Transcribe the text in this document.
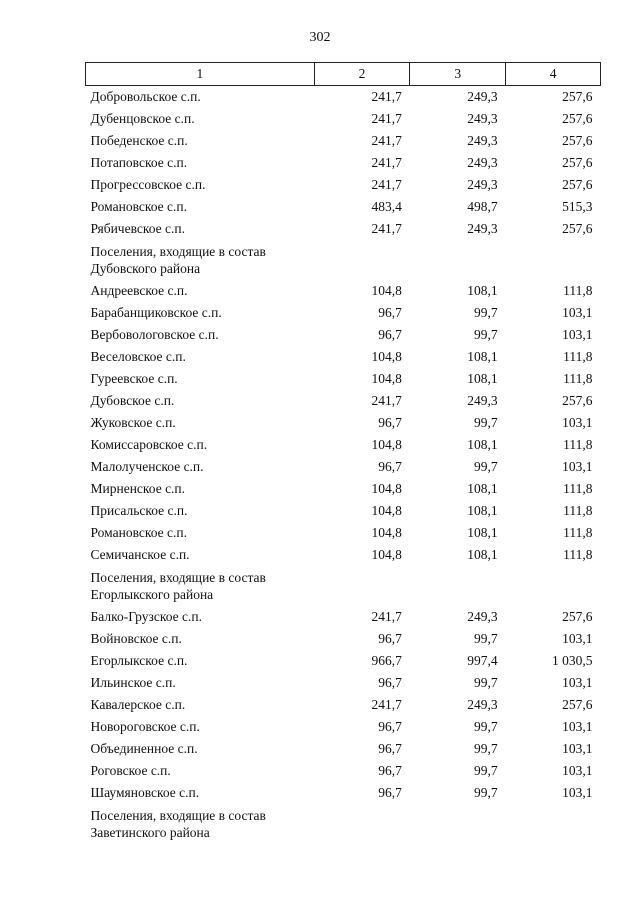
302
1	2	3	4
Добровольское с.п.	241,7	249,3	257,6
Дубенцовское с.п.	241,7	249,3	257,6
Победенское с.п.	241,7	249,3	257,6
Потаповское с.п.	241,7	249,3	257,6
Прогрессовское с.п.	241,7	249,3	257,6
Романовское с.п.	483,4	498,7	515,3
Рябичевское с.п.	241,7	249,3	257,6
Поселения, входящие в состав Дубовского района			
Андреевское с.п.	104,8	108,1	111,8
Барабанщиковское с.п.	96,7	99,7	103,1
Вербовологовское с.п.	96,7	99,7	103,1
Веселовское с.п.	104,8	108,1	111,8
Гуреевское с.п.	104,8	108,1	111,8
Дубовское с.п.	241,7	249,3	257,6
Жуковское с.п.	96,7	99,7	103,1
Комиссаровское с.п.	104,8	108,1	111,8
Малолученское с.п.	96,7	99,7	103,1
Мирненское с.п.	104,8	108,1	111,8
Присальское с.п.	104,8	108,1	111,8
Романовское с.п.	104,8	108,1	111,8
Семичанское с.п.	104,8	108,1	111,8
Поселения, входящие в состав Егорлыкского района			
Балко-Грузское с.п.	241,7	249,3	257,6
Войновское с.п.	96,7	99,7	103,1
Егорлыкское с.п.	966,7	997,4	1 030,5
Ильинское с.п.	96,7	99,7	103,1
Кавалерское с.п.	241,7	249,3	257,6
Новороговское с.п.	96,7	99,7	103,1
Объединенное с.п.	96,7	99,7	103,1
Роговское с.п.	96,7	99,7	103,1
Шаумяновское с.п.	96,7	99,7	103,1
Поселения, входящие в состав Заветинского района			
